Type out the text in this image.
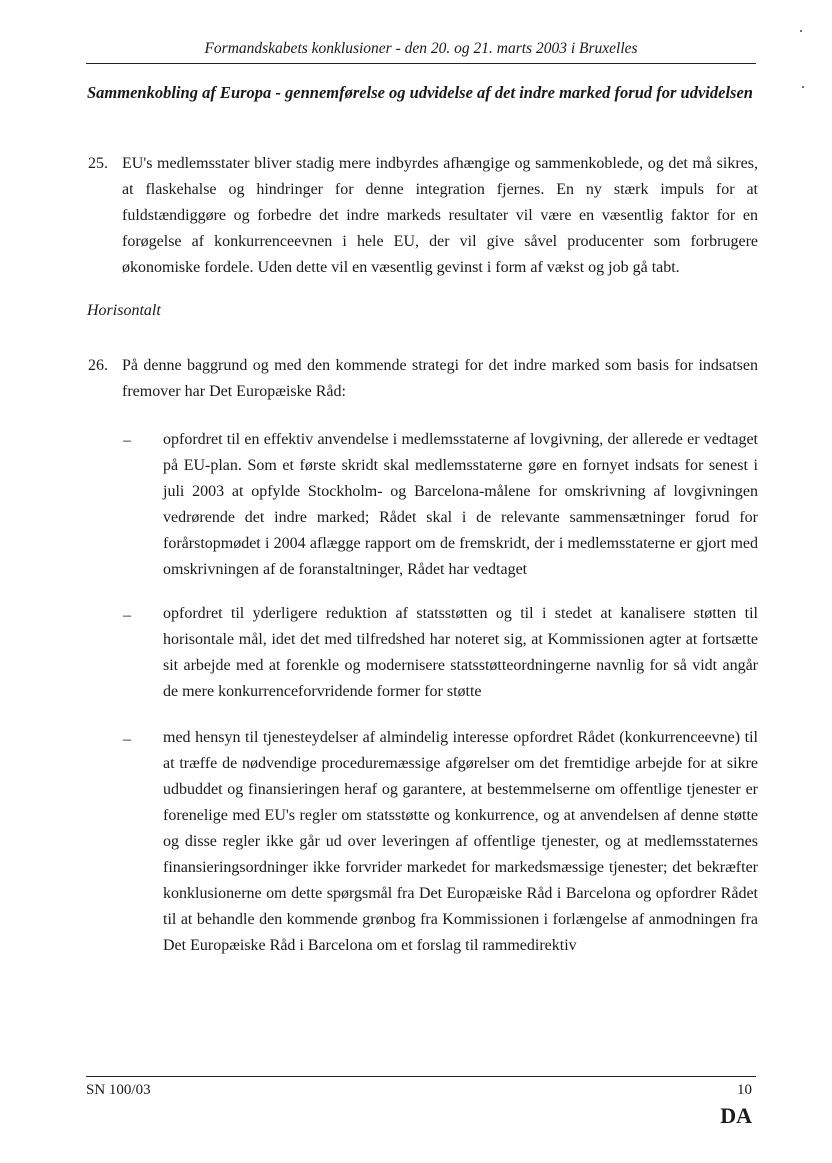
Formandskabets konklusioner - den 20. og 21. marts 2003 i Bruxelles
Sammenkobling af Europa - gennemførelse og udvidelse af det indre marked forud for udvidelsen
25. EU's medlemsstater bliver stadig mere indbyrdes afhængige og sammenkoblede, og det må sikres, at flaskehalse og hindringer for denne integration fjernes. En ny stærk impuls for at fuldstændiggøre og forbedre det indre markeds resultater vil være en væsentlig faktor for en forøgelse af konkurrenceevnen i hele EU, der vil give såvel producenter som forbrugere økonomiske fordele. Uden dette vil en væsentlig gevinst i form af vækst og job gå tabt.
Horisontalt
26. På denne baggrund og med den kommende strategi for det indre marked som basis for indsatsen fremover har Det Europæiske Råd:
– opfordret til en effektiv anvendelse i medlemsstaterne af lovgivning, der allerede er vedtaget på EU-plan. Som et første skridt skal medlemsstaterne gøre en fornyet indsats for senest i juli 2003 at opfylde Stockholm- og Barcelona-målene for omskrivning af lovgivningen vedrørende det indre marked; Rådet skal i de relevante sammensætninger forud for forårstopmødet i 2004 aflægge rapport om de fremskridt, der i medlemsstaterne er gjort med omskrivningen af de foranstaltninger, Rådet har vedtaget
– opfordret til yderligere reduktion af statsstøtten og til i stedet at kanalisere støtten til horisontale mål, idet det med tilfredshed har noteret sig, at Kommissionen agter at fortsætte sit arbejde med at forenkle og modernisere statsstøtteordningerne navnlig for så vidt angår de mere konkurrenceforvridende former for støtte
– med hensyn til tjenesteydelser af almindelig interesse opfordret Rådet (konkurrenceevne) til at træffe de nødvendige proceduremæssige afgørelser om det fremtidige arbejde for at sikre udbuddet og finansieringen heraf og garantere, at bestemmelserne om offentlige tjenester er forenelige med EU's regler om statsstøtte og konkurrence, og at anvendelsen af denne støtte og disse regler ikke går ud over leveringen af offentlige tjenester, og at medlemsstaternes finansieringsordninger ikke forvrider markedet for markedsmæssige tjenester; det bekræfter konklusionerne om dette spørgsmål fra Det Europæiske Råd i Barcelona og opfordrer Rådet til at behandle den kommende grønbog fra Kommissionen i forlængelse af anmodningen fra Det Europæiske Råd i Barcelona om et forslag til rammedirektiv
SN 100/03	10
DA
